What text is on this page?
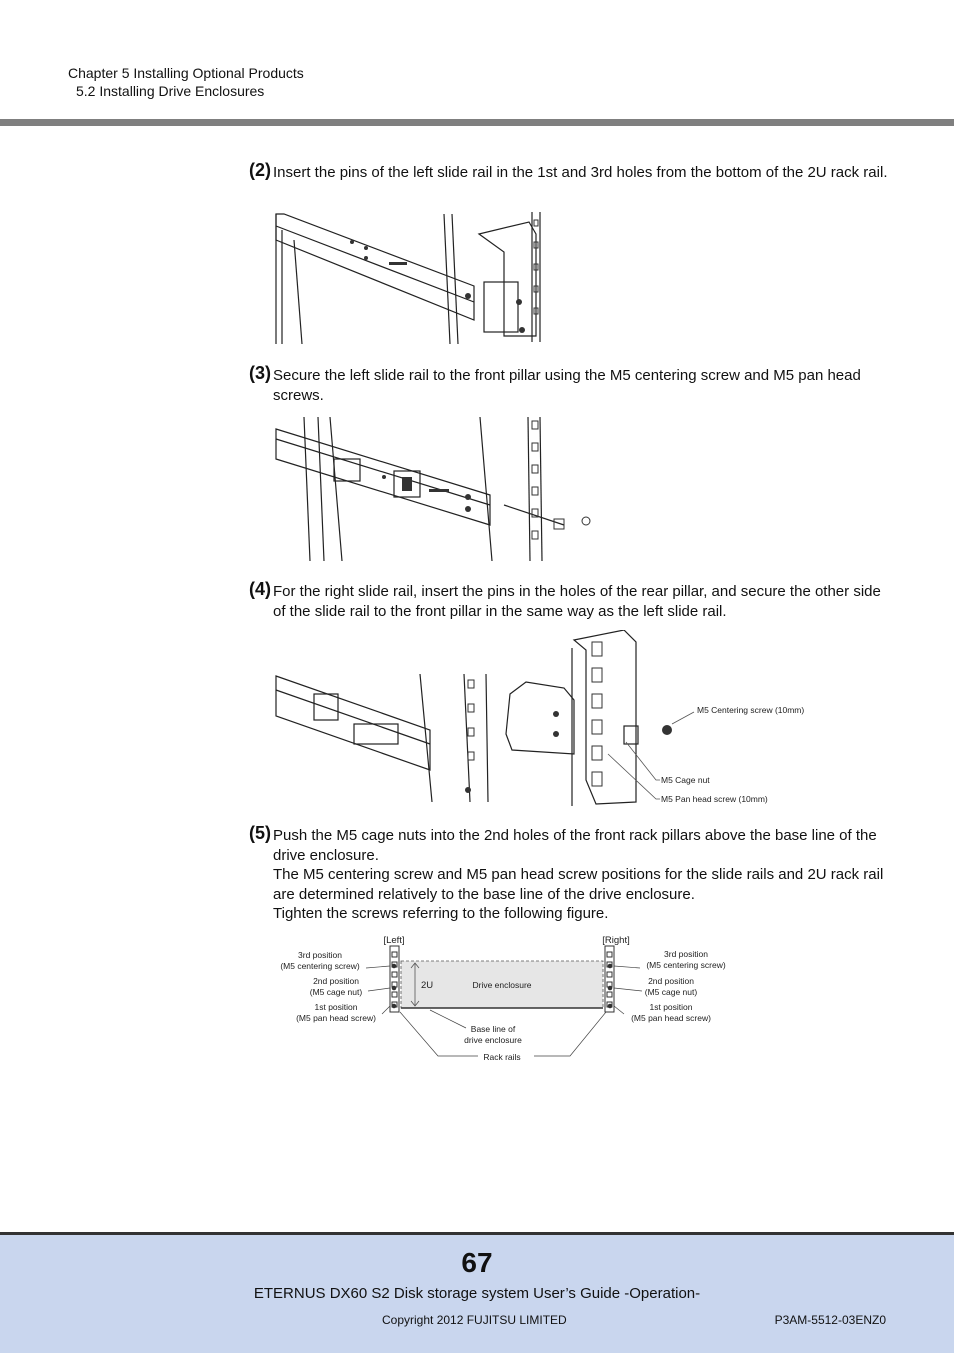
Chapter 5 Installing Optional Products
5.2 Installing Drive Enclosures
(2) Insert the pins of the left slide rail in the 1st and 3rd holes from the bottom of the 2U rack rail.

(3) Secure the left slide rail to the front pillar using the M5 centering screw and M5 pan head screws.

(4) For the right slide rail, insert the pins in the holes of the rear pillar, and secure the other side of the slide rail to the front pillar in the same way as the left slide rail.

M5 Centering screw (10mm)
M5 Cage nut
M5 Pan head screw (10mm)
(5) Push the M5 cage nuts into the 2nd holes of the front rack pillars above the base line of the drive enclosure.

The M5 centering screw and M5 pan head screw positions for the slide rails and 2U rack rail are determined relatively to the base line of the drive enclosure.

Tighten the screws referring to the following figure.

[Left]	[Right]
3rd position
(M5 centering screw)
2nd position
(M5 cage nut)
1st position
(M5 pan head screw)
3rd position
(M5 centering screw)
2nd position
(M5 cage nut)
1st position
(M5 pan head screw)
2U	Drive enclosure
Base line of
drive enclosure
Rack rails
67
ETERNUS DX60 S2 Disk storage system User’s Guide -Operation-
Copyright 2012 FUJITSU LIMITED	P3AM-5512-03ENZ0
